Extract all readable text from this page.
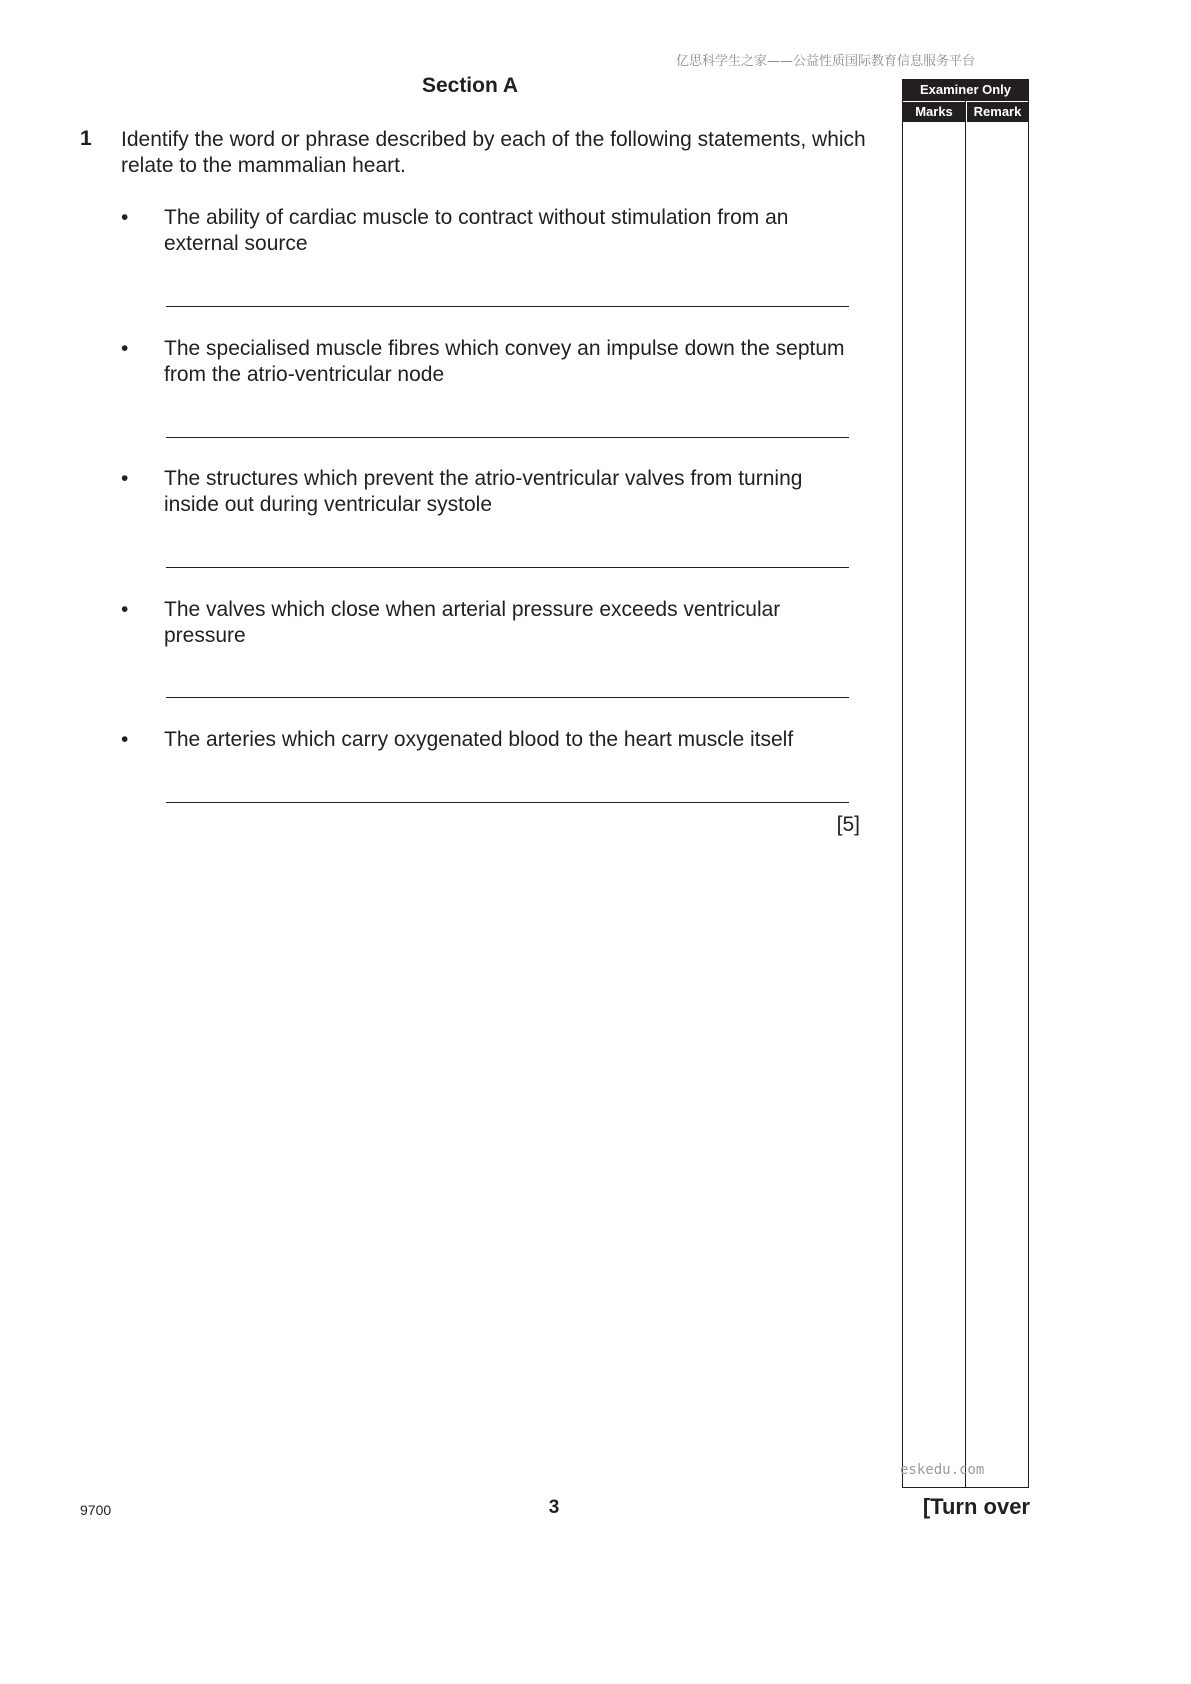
亿思科学生之家——公益性质国际教育信息服务平台
Section A
1 Identify the word or phrase described by each of the following statements, which relate to the mammalian heart.
• The ability of cardiac muscle to contract without stimulation from an external source
• The specialised muscle fibres which convey an impulse down the septum from the atrio-ventricular node
• The structures which prevent the atrio-ventricular valves from turning inside out during ventricular systole
• The valves which close when arterial pressure exceeds ventricular pressure
• The arteries which carry oxygenated blood to the heart muscle itself
[5]
Examiner Only
Marks	Remark
eskedu.com
9700	3	[Turn over
